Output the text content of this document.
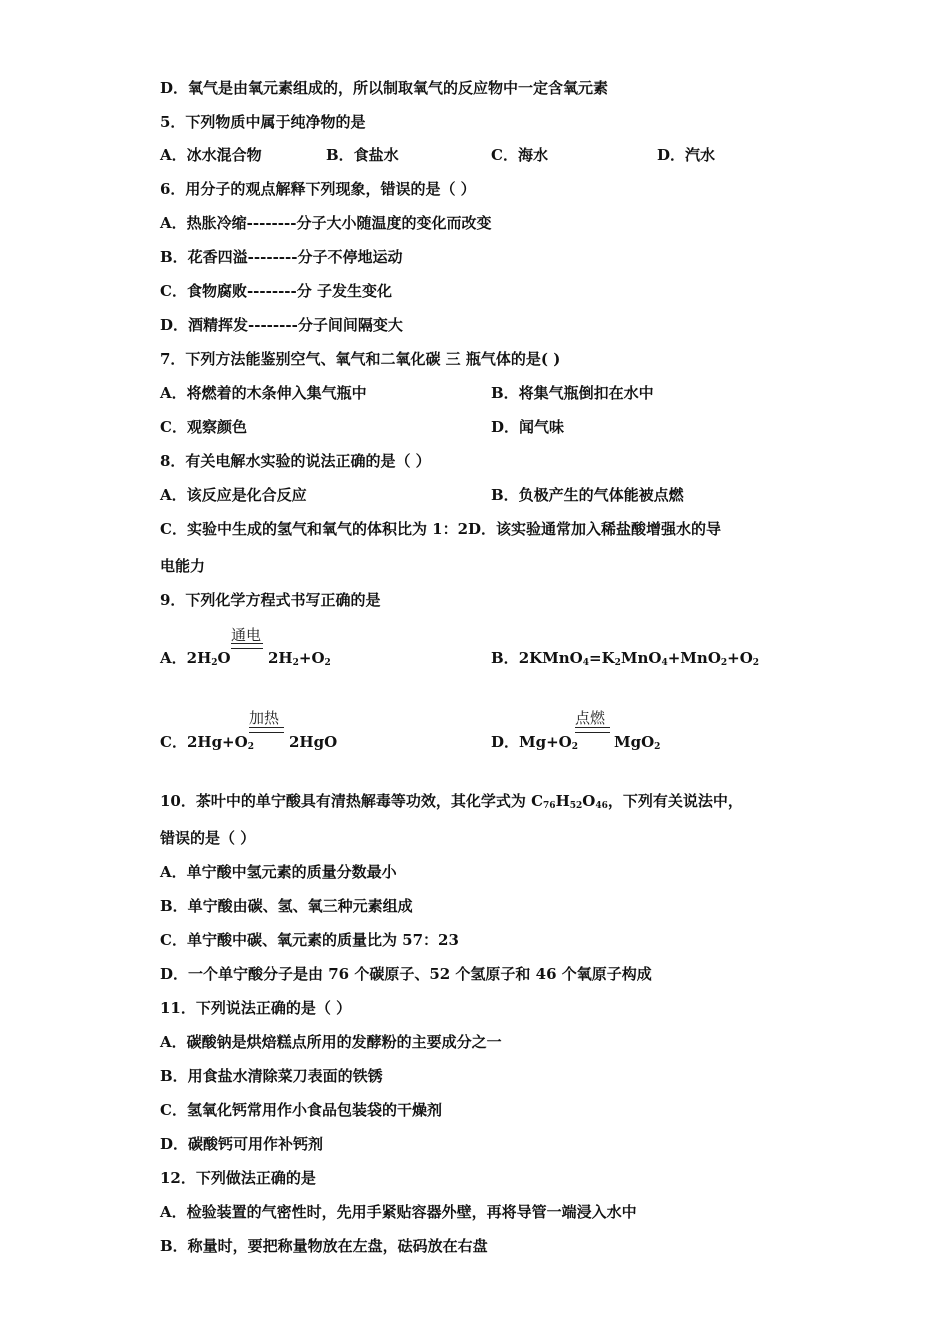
D．氧气是由氧元素组成的，所以制取氧气的反应物中一定含氧元素
5．下列物质中属于纯净物的是
A．冰水混合物	B．食盐水	C．海水	D．汽水
6．用分子的观点解释下列现象，错误的是（ ）
A．热胀冷缩--------分子大小随温度的变化而改变
B．花香四溢--------分子不停地运动
C．食物腐败--------分 子发生变化
D．酒精挥发--------分子间间隔变大
7．下列方法能鉴别空气、氧气和二氧化碳 三 瓶气体的是( )
A．将燃着的木条伸入集气瓶中	B．将集气瓶倒扣在水中
C．观察颜色	D．闻气味
8．有关电解水实验的说法正确的是（ ）
A．该反应是化合反应	B．负极产生的气体能被点燃
C．实验中生成的氢气和氧气的体积比为 1：2D．该实验通常加入稀盐酸增强水的导
电能力
9．下列化学方程式书写正确的是
A．$2H_2O$
通电
$2H_2+O_2$	B．$2KMnO_4=K_2MnO_4+MnO_2+O_2$
C．$2Hg+O_2$
加热
2HgO	D．$Mg+O_2$
点燃
MgO$_2$
10．茶叶中的单宁酸具有清热解毒等功效，其化学式为 $C_{76}H_{52}O_{46}$，下列有关说法中，
错误的是（ ）
A．单宁酸中氢元素的质量分数最小
B．单宁酸由碳、氢、氧三种元素组成
C．单宁酸中碳、氧元素的质量比为 57：23
D．一个单宁酸分子是由 76 个碳原子、52 个氢原子和 46 个氧原子构成
11．下列说法正确的是（ ）
A．碳酸钠是烘焙糕点所用的发酵粉的主要成分之一
B．用食盐水清除菜刀表面的铁锈
C．氢氧化钙常用作小食品包装袋的干燥剂
D．碳酸钙可用作补钙剂
12．下列做法正确的是
A．检验装置的气密性时，先用手紧贴容器外壁，再将导管一端浸入水中
B．称量时，要把称量物放在左盘，砝码放在右盘
